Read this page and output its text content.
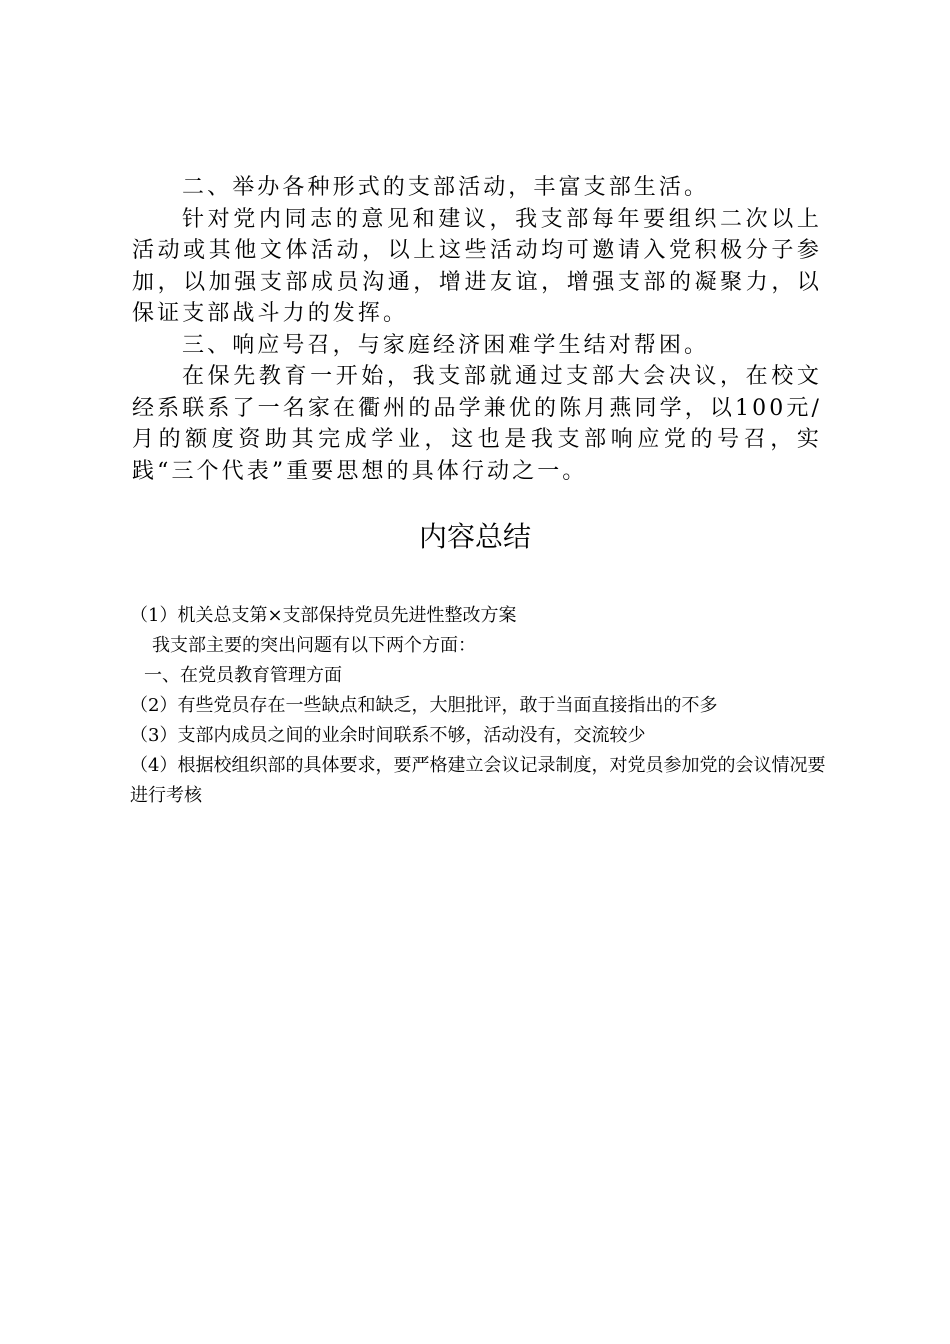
二、举办各种形式的支部活动，丰富支部生活。

针对党内同志的意见和建议，我支部每年要组织二次以上活动或其他文体活动，以上这些活动均可邀请入党积极分子参加，以加强支部成员沟通，增进友谊，增强支部的凝聚力，以保证支部战斗力的发挥。

三、响应号召，与家庭经济困难学生结对帮困。

在保先教育一开始，我支部就通过支部大会决议，在校文经系联系了一名家在衢州的品学兼优的陈月燕同学，以100元/月的额度资助其完成学业，这也是我支部响应党的号召，实践“三个代表”重要思想的具体行动之一。

内容总结

（1）机关总支第×支部保持党员先进性整改方案

我支部主要的突出问题有以下两个方面：

一、在党员教育管理方面

（2）有些党员存在一些缺点和缺乏，大胆批评，敢于当面直接指出的不多

（3）支部内成员之间的业余时间联系不够，活动没有，交流较少

（4）根据校组织部的具体要求，要严格建立会议记录制度，对党员参加党的会议情况要进行考核
